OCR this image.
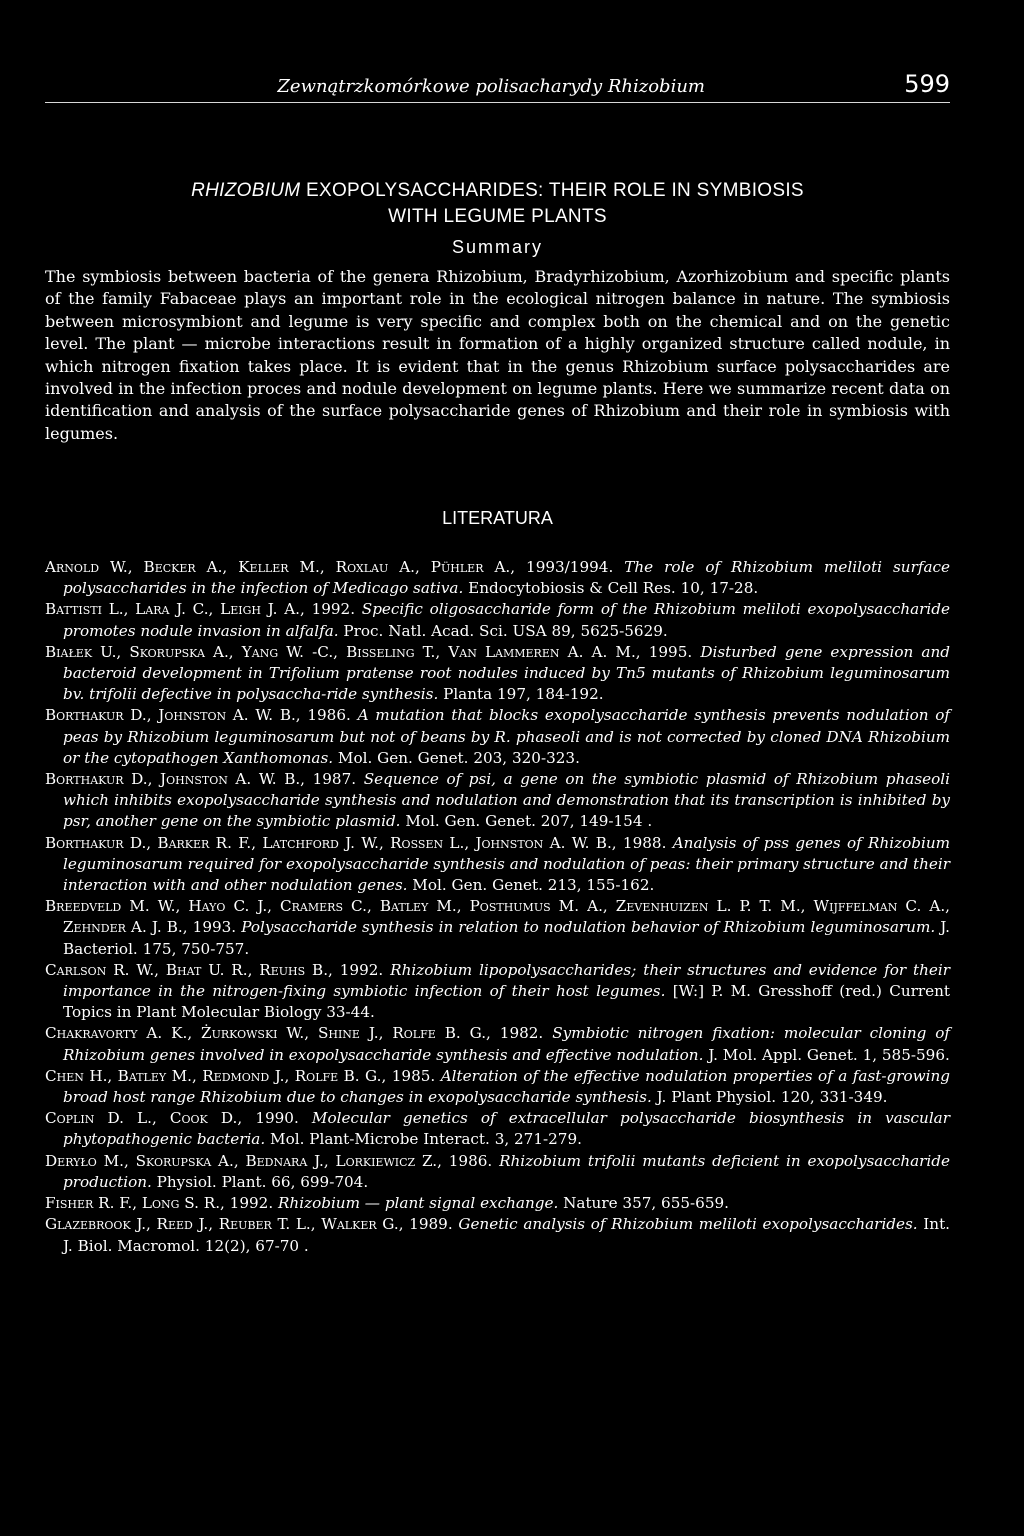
Zewnątrzkomórkowe polisacharydy Rhizobium	599
RHIZOBIUM EXOPOLYSACCHARIDES: THEIR ROLE IN SYMBIOSIS
WITH LEGUME PLANTS
Summary

The symbiosis between bacteria of the genera Rhizobium, Bradyrhizobium, Azorhizobium and specific plants of the family Fabaceae plays an important role in the ecological nitrogen balance in nature. The symbiosis between microsymbiont and legume is very specific and complex both on the chemical and on the genetic level. The plant — microbe interactions result in formation of a highly organized structure called nodule, in which nitrogen fixation takes place. It is evident that in the genus Rhizobium surface polysaccharides are involved in the infection proces and nodule development on legume plants. Here we summarize recent data on identification and analysis of the surface polysaccharide genes of Rhizobium and their role in symbiosis with legumes.

LITERATURA
Arnold W., Becker A., Keller M., Roxlau A., Pühler A., 1993/1994. The role of Rhizobium meliloti surface polysaccharides in the infection of Medicago sativa. Endocytobiosis & Cell Res. 10, 17-28.
Battisti L., Lara J. C., Leigh J. A., 1992. Specific oligosaccharide form of the Rhizobium meliloti exopolysaccharide promotes nodule invasion in alfalfa. Proc. Natl. Acad. Sci. USA 89, 5625-5629.
Białek U., Skorupska A., Yang W. -C., Bisseling T., Van Lammeren A. A. M., 1995. Disturbed gene expression and bacteroid development in Trifolium pratense root nodules induced by Tn5 mutants of Rhizobium leguminosarum bv. trifolii defective in polysaccha-ride synthesis. Planta 197, 184-192.
Borthakur D., Johnston A. W. B., 1986. A mutation that blocks exopolysaccharide synthesis prevents nodulation of peas by Rhizobium leguminosarum but not of beans by R. phaseoli and is not corrected by cloned DNA Rhizobium or the cytopathogen Xanthomonas. Mol. Gen. Genet. 203, 320-323.
Borthakur D., Johnston A. W. B., 1987. Sequence of psi, a gene on the symbiotic plasmid of Rhizobium phaseoli which inhibits exopolysaccharide synthesis and nodulation and demonstration that its transcription is inhibited by psr, another gene on the symbiotic plasmid. Mol. Gen. Genet. 207, 149-154 .
Borthakur D., Barker R. F., Latchford J. W., Rossen L., Johnston A. W. B., 1988. Analysis of pss genes of Rhizobium leguminosarum required for exopolysaccharide synthesis and nodulation of peas: their primary structure and their interaction with and other nodulation genes. Mol. Gen. Genet. 213, 155-162.
Breedveld M. W., Hayo C. J., Cramers C., Batley M., Posthumus M. A., Zevenhuizen L. P. T. M., Wijffelman C. A., Zehnder A. J. B., 1993. Polysaccharide synthesis in relation to nodulation behavior of Rhizobium leguminosarum. J. Bacteriol. 175, 750-757.
Carlson R. W., Bhat U. R., Reuhs B., 1992. Rhizobium lipopolysaccharides; their structures and evidence for their importance in the nitrogen-fixing symbiotic infection of their host legumes. [W:] P. M. Gresshoff (red.) Current Topics in Plant Molecular Biology 33-44.
Chakravorty A. K., Żurkowski W., Shine J., Rolfe B. G., 1982. Symbiotic nitrogen fixation: molecular cloning of Rhizobium genes involved in exopolysaccharide synthesis and effective nodulation. J. Mol. Appl. Genet. 1, 585-596.
Chen H., Batley M., Redmond J., Rolfe B. G., 1985. Alteration of the effective nodulation properties of a fast-growing broad host range Rhizobium due to changes in exopolysaccharide synthesis. J. Plant Physiol. 120, 331-349.
Coplin D. L., Cook D., 1990. Molecular genetics of extracellular polysaccharide biosynthesis in vascular phytopathogenic bacteria. Mol. Plant-Microbe Interact. 3, 271-279.
Deryło M., Skorupska A., Bednara J., Lorkiewicz Z., 1986. Rhizobium trifolii mutants deficient in exopolysaccharide production. Physiol. Plant. 66, 699-704.
Fisher R. F., Long S. R., 1992. Rhizobium — plant signal exchange. Nature 357, 655-659.
Glazebrook J., Reed J., Reuber T. L., Walker G., 1989. Genetic analysis of Rhizobium meliloti exopolysaccharides. Int. J. Biol. Macromol. 12(2), 67-70 .
